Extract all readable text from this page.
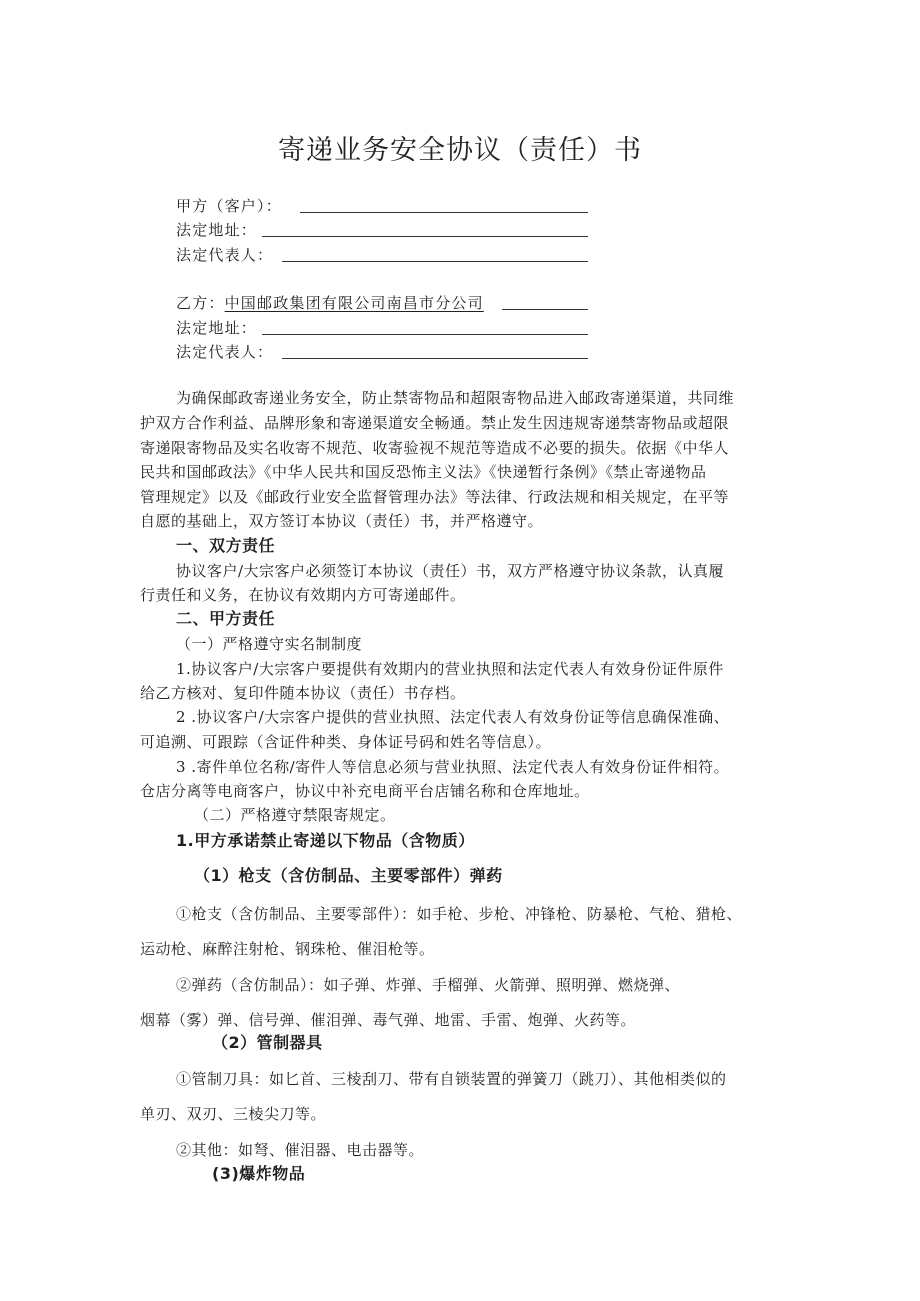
寄递业务安全协议（责任）书
甲方（客户）：
法定地址：
法定代表人：
乙方：中国邮政集团有限公司南昌市分公司
法定地址：
法定代表人：
为确保邮政寄递业务安全，防止禁寄物品和超限寄物品进入邮政寄递渠道，共同维
护双方合作利益、品牌形象和寄递渠道安全畅通。禁止发生因违规寄递禁寄物品或超限
寄递限寄物品及实名收寄不规范、收寄验视不规范等造成不必要的损失。依据《中华人
民共和国邮政法》《中华人民共和国反恐怖主义法》《快递暂行条例》《禁止寄递物品
管理规定》以及《邮政行业安全监督管理办法》等法律、行政法规和相关规定，在平等
自愿的基础上，双方签订本协议（责任）书，并严格遵守。
一、双方责任
协议客户/大宗客户必须签订本协议（责任）书，双方严格遵守协议条款，认真履
行责任和义务，在协议有效期内方可寄递邮件。
二、甲方责任
（一）严格遵守实名制制度
1.协议客户/大宗客户要提供有效期内的营业执照和法定代表人有效身份证件原件
给乙方核对、复印件随本协议（责任）书存档。
2 .协议客户/大宗客户提供的营业执照、法定代表人有效身份证等信息确保准确、
可追溯、可跟踪（含证件种类、身体证号码和姓名等信息）。
3 .寄件单位名称/寄件人等信息必须与营业执照、法定代表人有效身份证件相符。
仓店分离等电商客户，协议中补充电商平台店铺名称和仓库地址。
（二）严格遵守禁限寄规定。
1.甲方承诺禁止寄递以下物品（含物质）
（1）枪支（含仿制品、主要零部件）弹药
①枪支（含仿制品、主要零部件）：如手枪、步枪、冲锋枪、防暴枪、气枪、猎枪、
运动枪、麻醉注射枪、钢珠枪、催泪枪等。
②弹药（含仿制品）：如子弹、炸弹、手榴弹、火箭弹、照明弹、燃烧弹、
烟幕（雾）弹、信号弹、催泪弹、毒气弹、地雷、手雷、炮弹、火药等。
（2）管制器具
①管制刀具：如匕首、三棱刮刀、带有自锁装置的弹簧刀（跳刀）、其他相类似的
单刃、双刃、三棱尖刀等。
②其他：如弩、催泪器、电击器等。
(3)爆炸物品
